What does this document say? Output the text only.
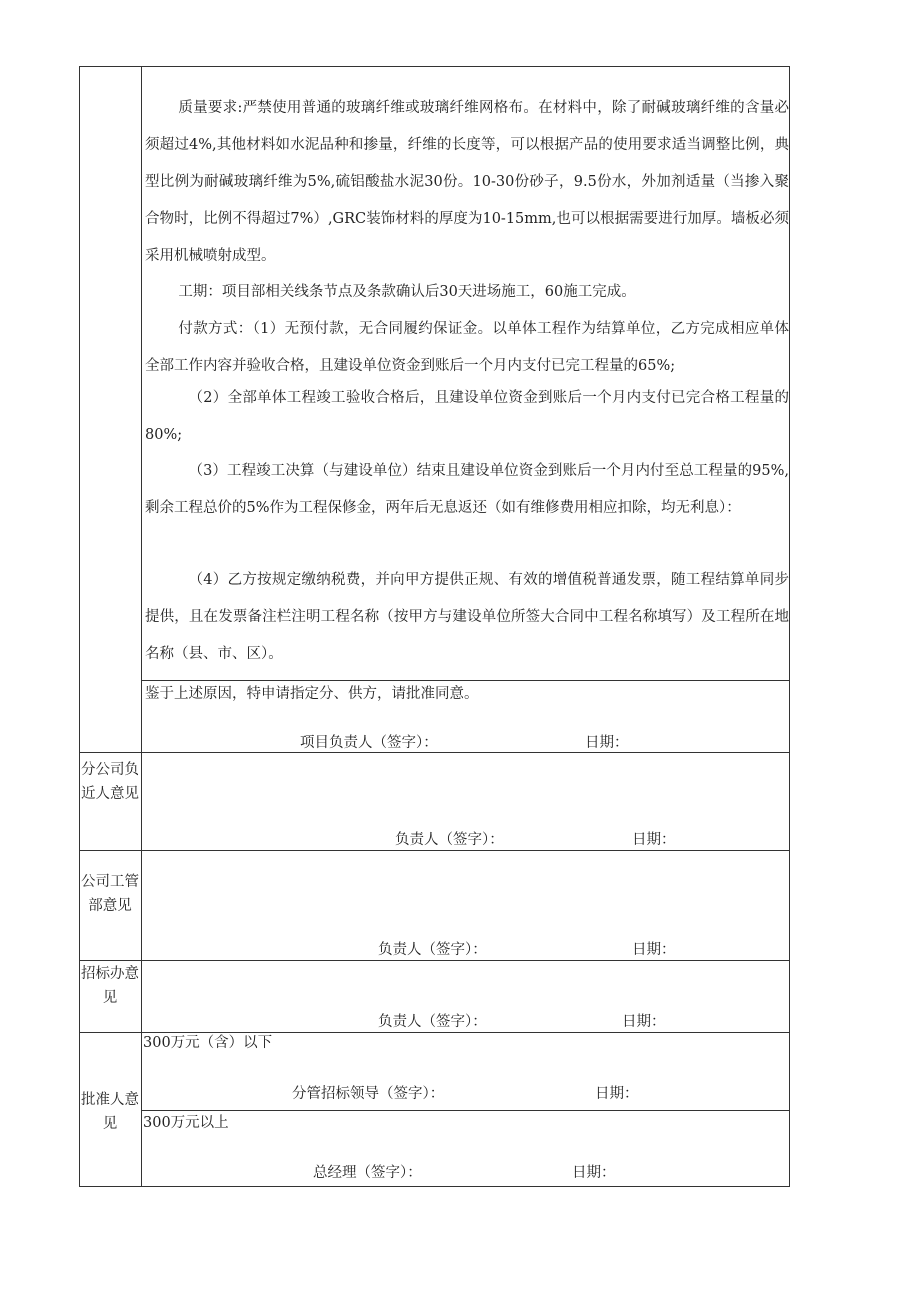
质量要求:严禁使用普通的玻璃纤维或玻璃纤维网格布。在材料中，除了耐碱玻璃纤维的含量必须超过4%,其他材料如水泥品种和掺量，纤维的长度等，可以根据产品的使用要求适当调整比例，典型比例为耐碱玻璃纤维为5%,硫铝酸盐水泥30份。10-30份砂子，9.5份水，外加剂适量（当掺入聚合物时，比例不得超过7%）,GRC装饰材料的厚度为10-15mm,也可以根据需要进行加厚。墙板必须采用机械喷射成型。

工期：项目部相关线条节点及条款确认后30天进场施工，60施工完成。

付款方式：（1）无预付款，无合同履约保证金。以单体工程作为结算单位，乙方完成相应单体全部工作内容并验收合格，且建设单位资金到账后一个月内支付已完工程量的65%;

（2）全部单体工程竣工验收合格后，且建设单位资金到账后一个月内支付已完合格工程量的80%;

（3）工程竣工决算（与建设单位）结束且建设单位资金到账后一个月内付至总工程量的95%,剩余工程总价的5%作为工程保修金，两年后无息返还（如有维修费用相应扣除，均无利息）：

（4）乙方按规定缴纳税费，并向甲方提供正规、有效的增值税普通发票，随工程结算单同步提供，且在发票备注栏注明工程名称（按甲方与建设单位所签大合同中工程名称填写）及工程所在地名称（县、市、区）。

鉴于上述原因，特申请指定分、供方，请批准同意。
项目负责人（签字）：	日期：
分公司负近人意见
负责人（签字）：	日期：
公司工管部意见
负责人（签字）：	日期：
招标办意见
负责人（签字）：	日期：
批准人意见
300万元（含）以下
分管招标领导（签字）：	日期：
300万元以上
总经理（签字）：	日期：
